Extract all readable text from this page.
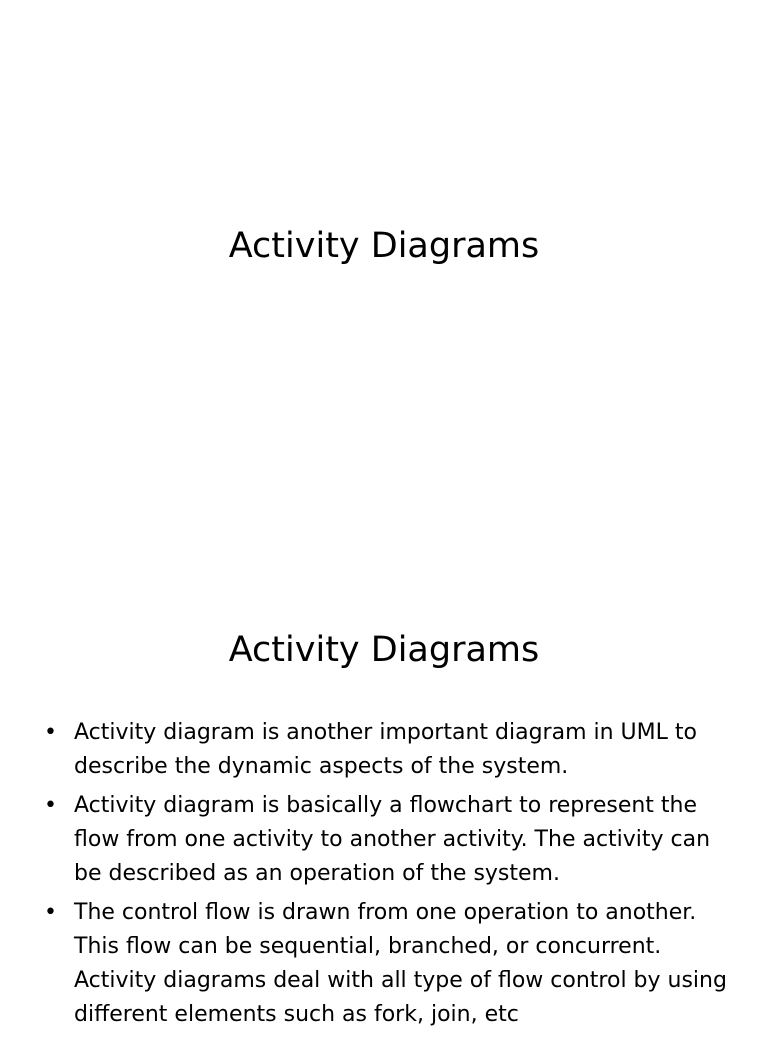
Activity Diagrams
Activity Diagrams
• Activity diagram is another important diagram in UML to describe the dynamic aspects of the system.
• Activity diagram is basically a flowchart to represent the flow from one activity to another activity. The activity can be described as an operation of the system.
• The control flow is drawn from one operation to another. This flow can be sequential, branched, or concurrent. Activity diagrams deal with all type of flow control by using different elements such as fork, join, etc
